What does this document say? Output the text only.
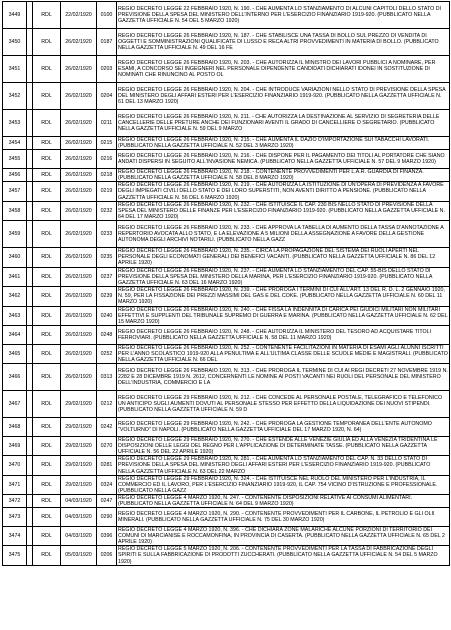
3449		RDL	22/02/1920	0100	REGIO DECRETO LEGGE 22 FEBBRAIO 1920, N. 190. - CHE AUMENTA LO STANZIAMENTO DI ALCUNI CAPITOLI DELLO STATO DI PREVISIONE DELLA SPESA DEL MINISTERO DELL'INTERNO PER L'ESERCIZIO FINANZIARIO 1919-920. (PUBBLICATO NELLA GAZZETTA UFFICIALE N. 54 DEL 5 MARZO 1920)
3450		RDL	26/02/1920	0187	REGIO DECRETO LEGGE 26 FEBBRAIO 1920, N. 187. - CHE STABILISCE UNA TASSA DI BOLLO SUL PREZZO DI VENDITA DI OGGETTI E SOMMINISTRAZIONI QUALIFICATE DI LUSSO E RECA ALTRI PROVVEDIMENTI IN MATERIA DI BOLLO. (PUBBLICATO NELLA GAZZETTA UFFICIALE N. 49 DEL 16 FE
3451		RDL	26/02/1920	0203	REGIO DECRETO LEGGE 26 FEBBRAIO 1920, N. 203. - CHE AUTORIZZA IL MINISTRO DEI LAVORI PUBBLICI A NOMINARE, PER ESAMI, A CONCORSO SEI INGEGNERI NEL PERSONALE DIPENDENTE CANDIDATI DICHIARATI IDONEI IN SOSTITUZIONE DI NOMINATI CHE RINUNCINO AL POSTO OL
3452		RDL	26/02/1920	0204	REGIO DECRETO LEGGE 26 FEBBRAIO 1920, N. 204. - CHE INTRODUCE VARIAZIONI NELLO STATO DI PREVISIONE DELLA SPESA DEL MINISTERO DEGLI AFFARI ESTERI PER L'ESERCIZIO FINANZIARIO 1919-920. (PUBBLICATO NELLA GAZZETTA UFFICIALE N. 61 DEL 13 MARZO 1920)
3453		RDL	26/02/1920	0211	REGIO DECRETO LEGGE 26 FEBBRAIO 1920, N. 211. - CHE AUTORIZZA LA DESTINAZIONE AL SERVIZIO DI SEGRETERIA DELLE CANCELLERIE DELLE PRETURE ANCHE DEI FUNZIONARI AVENTI IL GRADO DI CANCELLIERE O SEGRETARIO. (PUBBLICATO NELLA GAZZETTA UFFICIALE N. 59 DEL 9 MARZO
3454		RDL	26/02/1920	0215	REGIO DECRETO LEGGE 26 FEBBRAIO 1920, N. 215. - CHE AUMENTA IL DAZIO D'IMPORTAZIONE SUI TABACCHI LAVORATI. (PUBBLICATO NELLA GAZZETTA UFFICIALE N. 52 DEL 3 MARZO 1920)
3455		RDL	26/02/1920	0216	REGIO DECRETO LEGGE 26 FEBBRAIO 1920, N. 216. - CHE DISPONE PER IL PAGAMENTO DEI TITOLI AL PORTATORE CHE SIANO ANDATI DISPERSI IN SEGUITO ALL'INVASIONE NEMICA. (PUBBLICATO NELLA GAZZETTA UFFICIALE N. 57 DEL 9 MARZO 1920)
3456		RDL	26/02/1920	0218	REGIO DECRETO LEGGE 26 FEBBRAIO 1920, N. 218. - CONTENENTE PROVVEDIMENTI PER L.A.R. GUARDIA DI FINANZA. (PUBBLICATO NELLA GAZZETTA UFFICIALE N. 58 DEL 8 MARZO 1920)
3457		RDL	26/02/1920	0219	REGIO DECRETO LEGGE 26 FEBBRAIO 1920, N. 219. - CHE AUTORIZZA LA ISTITUZIONE DI UN'OPERA DI PREVIDENZA A FAVORE DEGLI IMPIEGATI CIVILI DELLO STATO E DEI LORO SUPERSTITI, NON AVENTI DIRITTO A PENSIONE. (PUBBLICATO NELLA GAZZETTA UFFICIALE N. 56 DEL 6 MARZO 1920)
3458		RDL	26/02/1920	0232	REGIO DECRETO LEGGE 26 FEBBRAIO 1920, N. 232. - CHE ISTITUISCE IL CAP. 230 BIS NELLO STATO DI PREVISIONE DELLA SPESA DEL MINISTERO DELLE FINANZE PER L'ESERCIZIO FINANZIARIO 1919-920. (PUBBLICATO NELLA GAZZETTA UFFICIALE N. 64 DEL 17 MARZO 1920)
3459		RDL	26/02/1920	0233	REGIO DECRETO LEGGE 26 FEBBRAIO 1920, N. 233. - CHE APPROVA LA TABELLA DI AUMENTO DELLA TASSA D'ANNOTAZIONE A REPERTORIO AVOCATA ALLO STATO, E LA ELEVAZIONE A 5 MILIONI DELLA ASSEGNAZIONE A FAVORE DELLA GESTIONE AUTONOMA DEGLI ARCHIVI NOTARILI. (PUBBLICATO NELLA GAZZ
3460		RDL	26/02/1920	0235	REGIO DECRETO LEGGE 26 FEBBRAIO 1920, N. 235. - CIRCA LA PROPAGAZIONE DEL SISTEMA DEI RUOLI APERTI NEL PERSONALE DEGLI ECONOMATI GENERALI DEI BENEFICI VACANTI. (PUBBLICATO NELLA GAZZETTA UFFICIALE N. 86 DEL 12 APRILE 1920)
3461		RDL	26/02/1920	0237	REGIO DECRETO LEGGE 26 FEBBRAIO 1920, N. 237. - CHE AUMENTA LO STANZIAMENTO DEL CAP. 55-BIS DELLO STATO DI PREVISIONE DELLA SPESA DEL MINISTERO DELLA MARINA, PER L'ESERCIZIO FINANZIARIO 1919-920. (PUBBLICATO NELLA GAZZETTA UFFICIALE N. 63 DEL 16 MARZO 1920)
3462		RDL	26/02/1920	0239	REGIO DECRETO LEGGE 26 FEBBRAIO 1920, N. 239. - CHE PROROGA I TERMINI DI CUI ALL'ART. 13 DEL R. D. L. 2 GENNAIO 1920, N. 59, PER LA FISSAZIONE DEI PREZZI MASSIMI DEL GAS E DEL COKE. (PUBBLICATO NELLA GAZZETTA UFFICIALE N. 60 DEL 11 MARZO 1920)
3463		RDL	26/02/1920	0240	REGIO DECRETO LEGGE 26 FEBBRAIO 1920, N. 240. - CHE FISSA LA INDENNITA DI CARICA PEI GIUDICI MILITARI NON MILITARI EFFETTIVI E SUPPLENTI DEL TRIBUNALE SUPREMO DI GUERRA E MARINA. (PUBBLICATO NELLA GAZZETTA UFFICIALE N. 62 DEL 15 MARZO 1920)
3464		RDL	26/02/1920	0248	REGIO DECRETO LEGGE 26 FEBBRAIO 1920, N. 248. - CHE AUTORIZZA IL MINISTERO DEL TESORO AD ACQUISTARE TITOLI FERROVIARI. (PUBBLICATO NELLA GAZZETTA UFFICIALE N. 58 DEL 11 MARZO 1920)
3465		RDL	26/02/1920	0252	REGIO DECRETO LEGGE 26 FEBBRAIO 1920, N. 252. - CONTENENTE FACILITAZIONI IN MATERIA DI ESAMI AGLI ALUNNI ISCRITTI PER L'ANNO SCOLASTICO 1919-920 ALLA PENULTIMA E ALL'ULTIMA CLASSE DELLE SCUOLE MEDIE E MAGISTRALI. (PUBBLICATO NELLA GAZZETTA UFFICIALE N. 66 DEL
3466		RDL	26/02/1920	0313	REGIO DECRETO LEGGE 26 FEBBRAIO 1920, N. 313. - CHE PROROGA IL TERMINE DI CUI AI REGI DECRETI 27 NOVEMBRE 1919 N. 2282 E 28 DICEMBRE 1919 N. 2612, CONCERNENTI LE NOMINE AI POSTI VACANTI NEI RUOLI DEL PERSONALE DEL MINISTERO DELL'INDUSTRIA, COMMERCIO E LA
3467		RDL	29/02/1920	0212	REGIO DECRETO LEGGE 29 FEBBRAIO 1920, N. 212. - CHE CONCEDE AL PERSONALE POSTALE, TELEGRAFICO E TELEFONICO UN ANTICIPO SUGLI AUMENTI DOVUTI AL PERSONALE STESSO PER EFFETTO DELLA LIQUIDAZIONE DEI NUOVI STIPENDI. (PUBBLICATO NELLA GAZZETTA UFFICIALE N. 59 D
3468		RDL	29/02/1920	0242	REGIO DECRETO LEGGE 29 FEBBRAIO 1920, N. 242. - CHE PROROGA LA GESTIONE TEMPORANEA DELL'ENTE AUTONOMO "VOLTURNO" DI NAPOLI. (PUBBLICATO NELLA GAZZETTA UFFICIALE DEL 17 MARZO 1920, N. 64)
3469		RDL	29/02/1920	0270	REGIO DECRETO LEGGE 29 FEBBRAIO 1920, N. 270. - CHE ESTENDE ALLE VENEZIE GIULIA ED ALLA VENEZIA TRIDENTINA LE DISPOSIZIONI DELLE LEGGI DEL REGNO PER L'APPLICAZIONE DI DETERMINATE TASSE. (PUBBLICATO NELLA GAZZETTA UFFICIALE N. 56 DEL 22 APRILE 1920)
3470		RDL	29/02/1920	0281	REGIO DECRETO LEGGE 29 FEBBRAIO 1920, N. 281. - CHE AUMENTA LO STANZIAMENTO DEL CAP. N. 33 DELLO STATO DI PREVISIONE DELLA SPESA DEL MINISTERO DEGLI AFFARI ESTERI PER L'ESERCIZIO FINANZIARIO 1919-920. (PUBBLICATO NELLA GAZZETTA UFFICIALE N. 63 DEL 22 MARZO
3471		RDL	29/02/1920	0324	REGIO DECRETO LEGGE 29 FEBBRAIO 1920, N. 324. - CHE ISTITUISCE NEL RUOLO DEL MINISTERO PER L'INDUSTRIA, IL COMMERCIO ED IL LAVORO, PER L'ESERCIZIO FINANZIARIO 1919-920, IL CAP. 754 VICINO D'ISTRUZIONE E PROFESSIONALE. (PUBBLICATO NELLA GAZZ
3472		RDL	04/03/1920	0247	REGIO DECRETO LEGGE 4 MARZO 1920, N. 247. - CONTENENTE DISPOSIZIONI RELATIVE AI CONSUMI ALIMENTARI. (PUBBLICATO NELLA GAZZETTA UFFICIALE N. 64 DEL 9 MARZO 1920)
3473		RDL	04/03/1920	0290	REGIO DECRETO LEGGE 4 MARZO 1920, N. 290. - CONTENENTE PROVVEDIMENTI PER IL CARBONE, IL PETROLIO E GLI OLII MINERALI. (PUBBLICATO NELLA GAZZETTA UFFICIALE N. 75 DEL 30 MARZO 1920)
3474		RDL	04/03/1920	0396	REGIO DECRETO LEGGE 4 MARZO 1920, N. 396. - CHE DICHIARA ZONE MALARICHE ALCUNE PORZIONI DI TERRITORIO DEI COMUNI DI MARCIANISE E ROCCAMONFINA, IN PROVINCIA DI CASERTA. (PUBBLICATO NELLA GAZZETTA UFFICIALE N. 65 DEL 2 APRILE 1920)
3475		RDL	05/03/1920	0206	REGIO DECRETO LEGGE 5 MARZO 1920, N. 206. - CONTENENTE PROVVEDIMENTI PER LA TASSA DI FABBRICAZIONE DEGLI SPIRITI E SULLA FABBRICAZIONE DI PRODOTTI ZUCCHERATI. (PUBBLICATO NELLA GAZZETTA UFFICIALE N. 54 DEL 5 MARZO 1920)
